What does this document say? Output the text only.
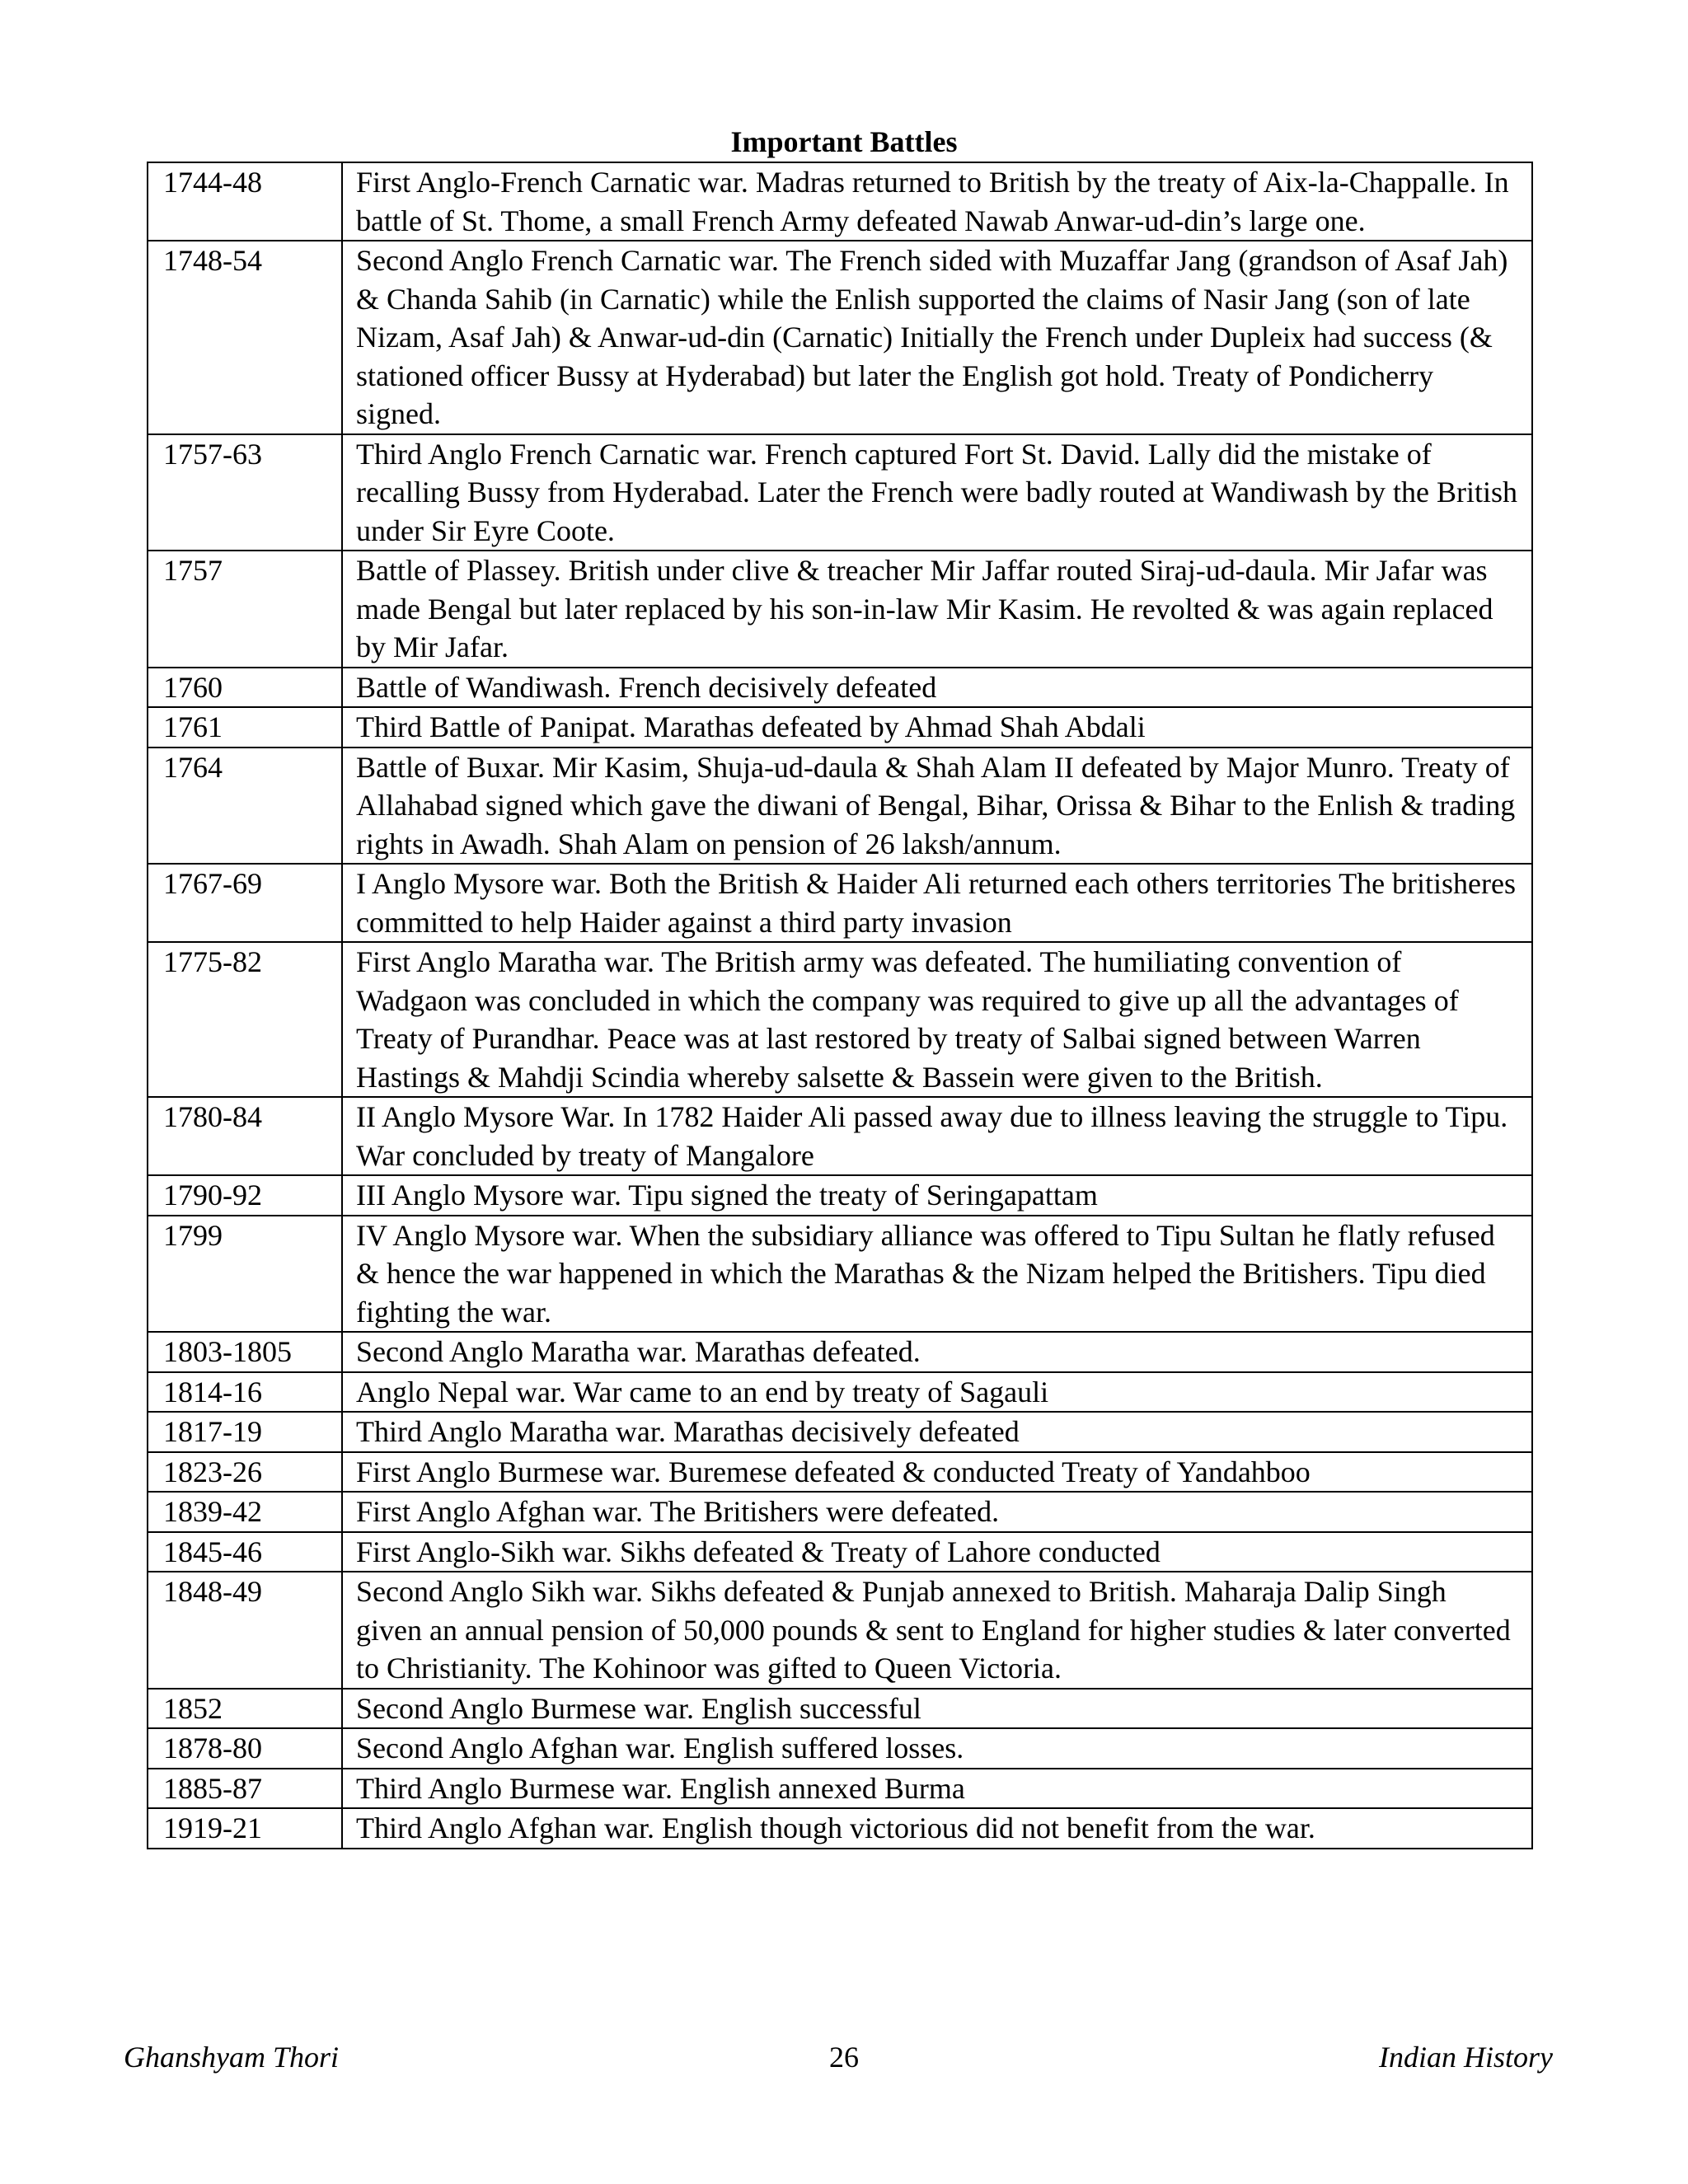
Important Battles
1744-48	First Anglo-French Carnatic war. Madras returned to British by the treaty of Aix-la-Chappalle. In battle of St. Thome, a small French Army defeated Nawab Anwar-ud-din’s large one.
1748-54	Second Anglo French Carnatic war. The French sided with Muzaffar Jang (grandson of Asaf Jah) & Chanda Sahib (in Carnatic) while the Enlish supported the claims of Nasir Jang (son of late Nizam, Asaf Jah) & Anwar-ud-din (Carnatic) Initially the French under Dupleix had success (& stationed officer Bussy at Hyderabad) but later the English got hold. Treaty of Pondicherry signed.
1757-63	Third Anglo French Carnatic war. French captured Fort St. David. Lally did the mistake of recalling Bussy from Hyderabad. Later the French were badly routed at Wandiwash by the British under Sir Eyre Coote.
1757	Battle of Plassey. British under clive & treacher Mir Jaffar routed Siraj-ud-daula. Mir Jafar was made Bengal but later replaced by his son-in-law Mir Kasim. He revolted & was again replaced by Mir Jafar.
1760	Battle of Wandiwash. French decisively defeated
1761	Third Battle of Panipat. Marathas defeated by Ahmad Shah Abdali
1764	Battle of Buxar. Mir Kasim, Shuja-ud-daula & Shah Alam II defeated by Major Munro. Treaty of Allahabad signed which gave the diwani of Bengal, Bihar, Orissa & Bihar to the Enlish & trading rights in Awadh. Shah Alam on pension of 26 laksh/annum.
1767-69	I Anglo Mysore war. Both the British & Haider Ali returned each others territories The britisheres committed to help Haider against a third party invasion
1775-82	First Anglo Maratha war. The British army was defeated. The humiliating convention of Wadgaon was concluded in which the company was required to give up all the advantages of Treaty of Purandhar. Peace was at last restored by treaty of Salbai signed between Warren Hastings & Mahdji Scindia whereby salsette & Bassein were given to the British.
1780-84	II Anglo Mysore War. In 1782 Haider Ali passed away due to illness leaving the struggle to Tipu. War concluded by treaty of Mangalore
1790-92	III Anglo Mysore war. Tipu signed the treaty of Seringapattam
1799	IV Anglo Mysore war. When the subsidiary alliance was offered to Tipu Sultan he flatly refused & hence the war happened in which the Marathas & the Nizam helped the Britishers. Tipu died fighting the war.
1803-1805	Second Anglo Maratha war. Marathas defeated.
1814-16	Anglo Nepal war. War came to an end by treaty of Sagauli
1817-19	Third Anglo Maratha war. Marathas decisively defeated
1823-26	First Anglo Burmese war. Buremese defeated & conducted Treaty of Yandahboo
1839-42	First Anglo Afghan war. The Britishers were defeated.
1845-46	First Anglo-Sikh war. Sikhs defeated & Treaty of Lahore conducted
1848-49	Second Anglo Sikh war. Sikhs defeated & Punjab annexed to British. Maharaja Dalip Singh given an annual pension of 50,000 pounds & sent to England for higher studies & later converted to Christianity. The Kohinoor was gifted to Queen Victoria.
1852	Second Anglo Burmese war. English successful
1878-80	Second Anglo Afghan war. English suffered losses.
1885-87	Third Anglo Burmese war. English annexed Burma
1919-21	Third Anglo Afghan war. English though victorious did not benefit from the war.
Ghanshyam Thori	26	Indian History
